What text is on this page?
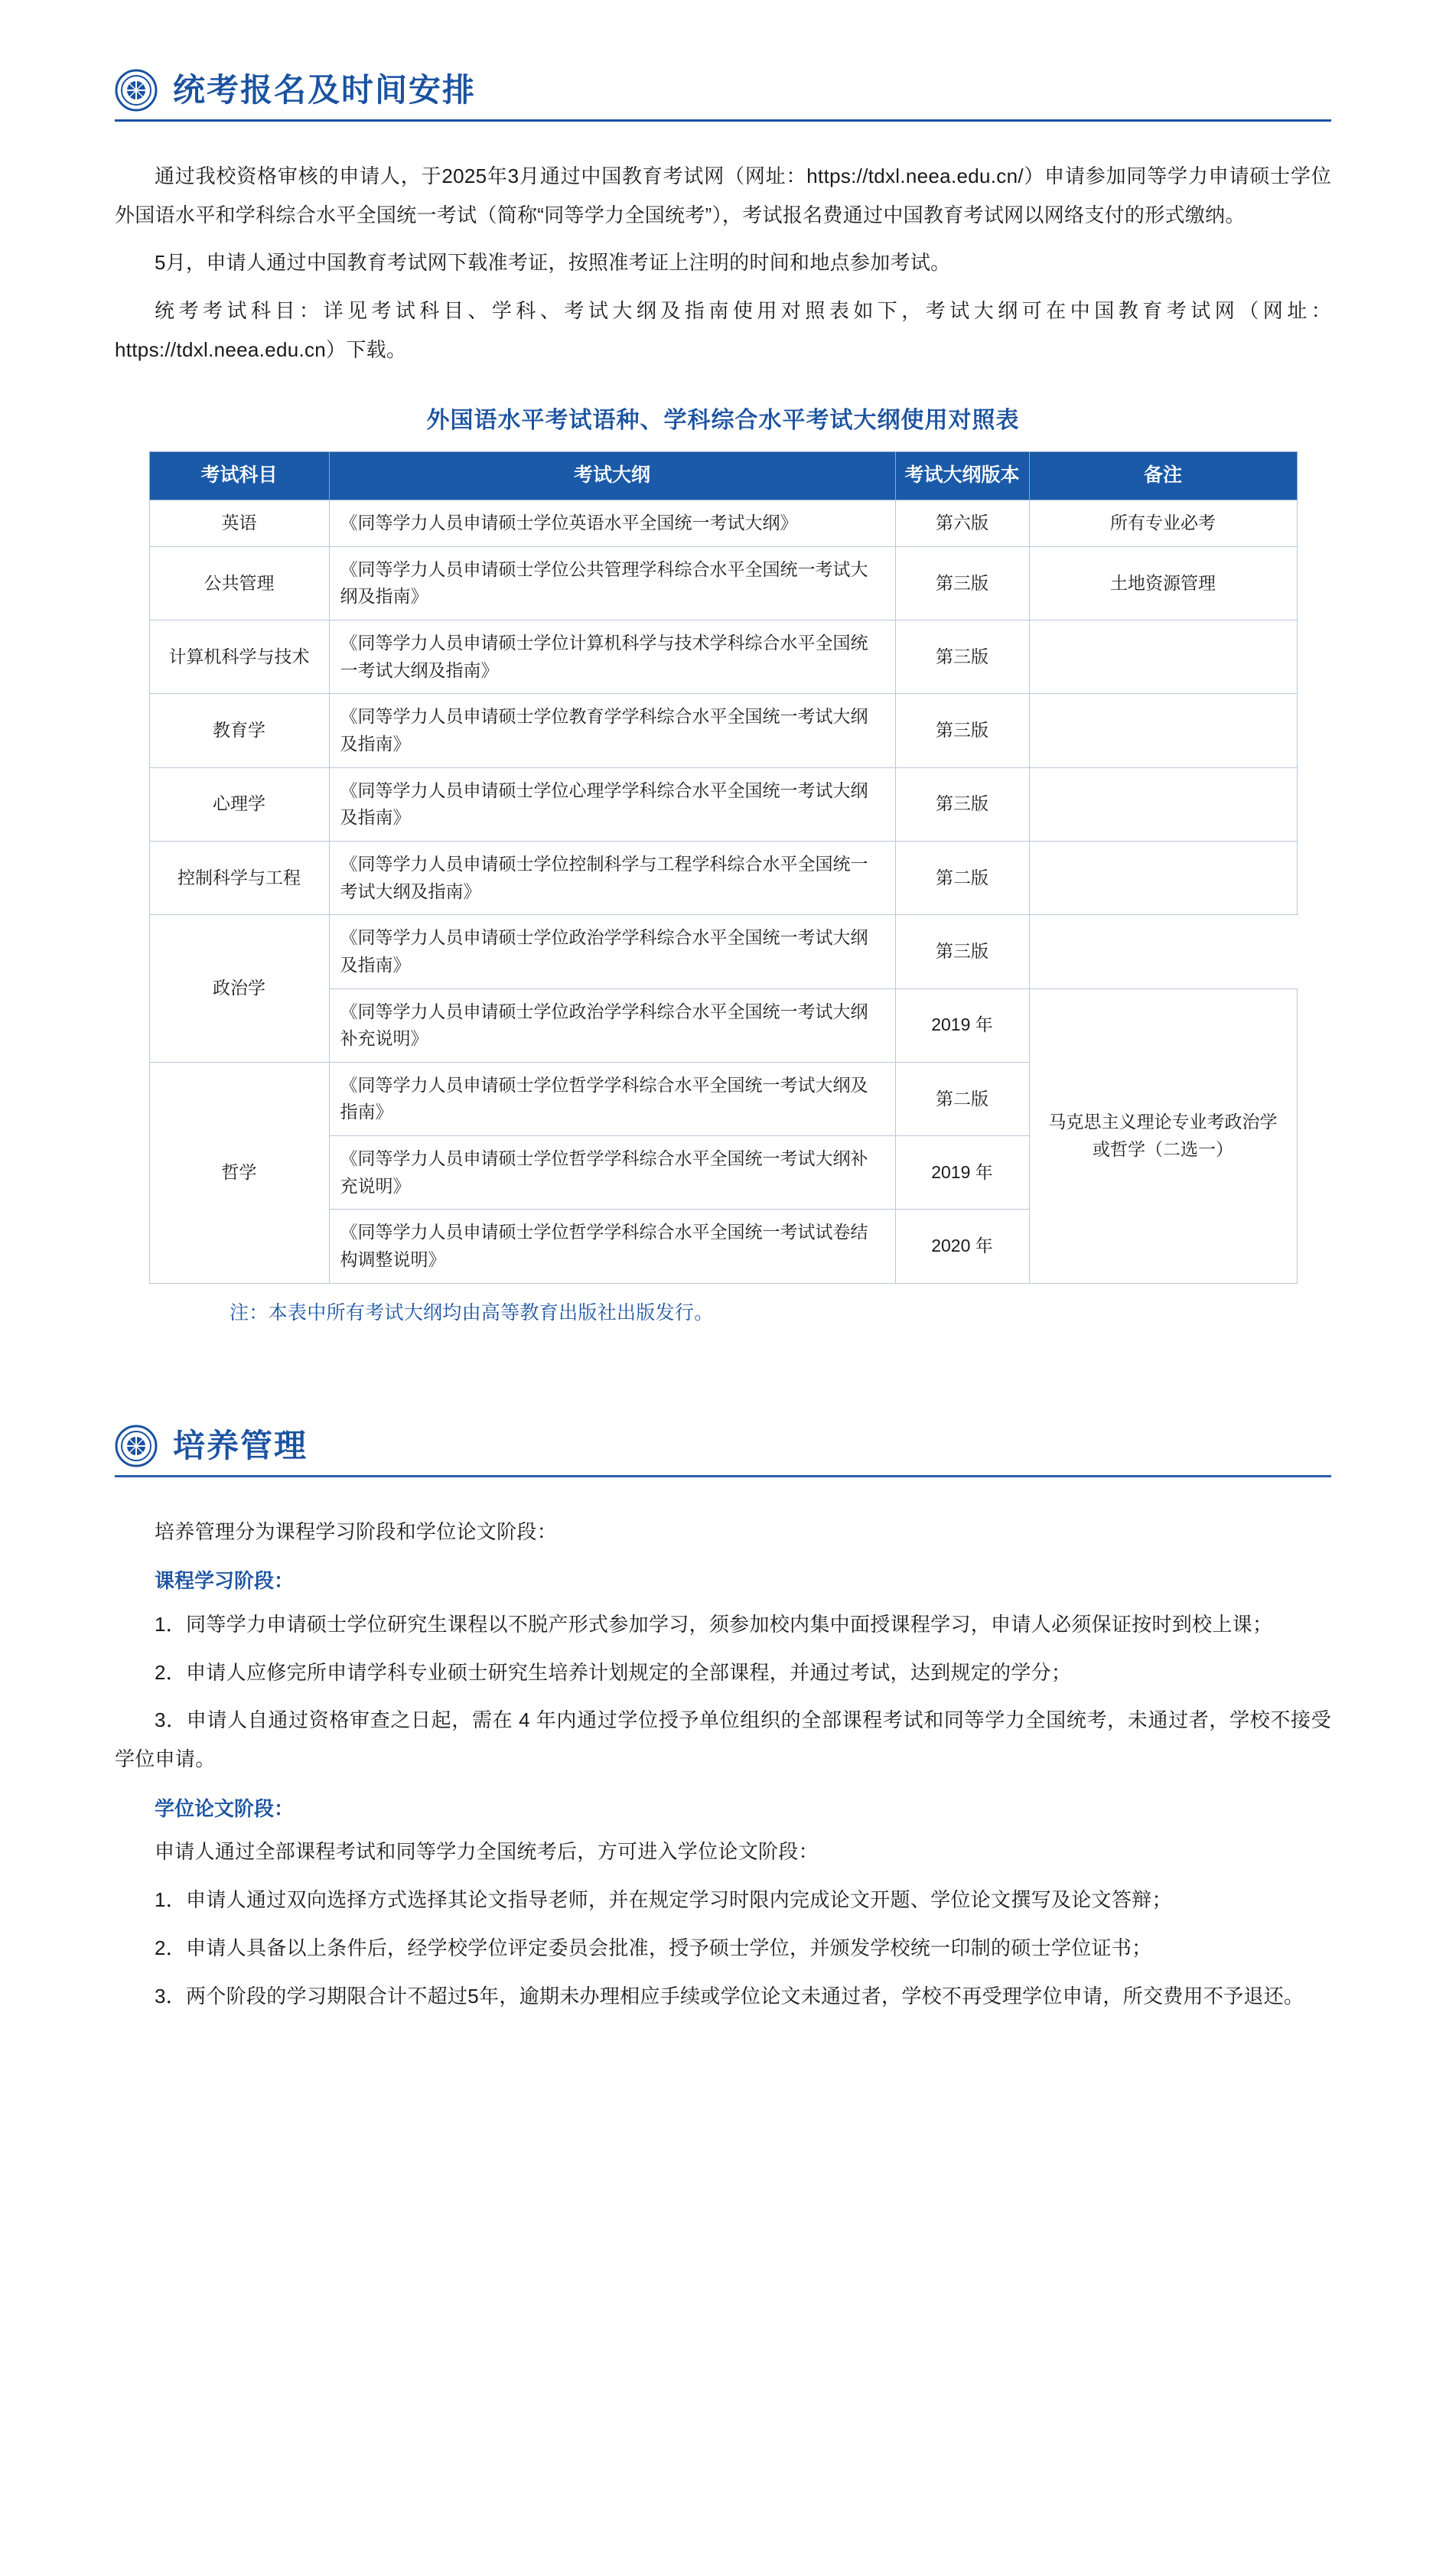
统考报名及时间安排

通过我校资格审核的申请人，于2025年3月通过中国教育考试网（网址：https://tdxl.neea.edu.cn/）申请参加同等学力申请硕士学位外国语水平和学科综合水平全国统一考试（简称“同等学力全国统考”），考试报名费通过中国教育考试网以网络支付的形式缴纳。

5月，申请人通过中国教育考试网下载准考证，按照准考证上注明的时间和地点参加考试。

统考考试科目：详见考试科目、学科、考试大纲及指南使用对照表如下，考试大纲可在中国教育考试网（网址：https://tdxl.neea.edu.cn）下载。

外国语水平考试语种、学科综合水平考试大纲使用对照表
考试科目	考试大纲	考试大纲版本	备注
英语	《同等学力人员申请硕士学位英语水平全国统一考试大纲》	第六版	所有专业必考
公共管理	《同等学力人员申请硕士学位公共管理学科综合水平全国统一考试大纲及指南》	第三版	土地资源管理
计算机科学与技术	《同等学力人员申请硕士学位计算机科学与技术学科综合水平全国统一考试大纲及指南》	第三版	
教育学	《同等学力人员申请硕士学位教育学学科综合水平全国统一考试大纲及指南》	第三版	
心理学	《同等学力人员申请硕士学位心理学学科综合水平全国统一考试大纲及指南》	第三版	
控制科学与工程	《同等学力人员申请硕士学位控制科学与工程学科综合水平全国统一考试大纲及指南》	第二版	
政治学	《同等学力人员申请硕士学位政治学学科综合水平全国统一考试大纲及指南》	第三版	
	《同等学力人员申请硕士学位政治学学科综合水平全国统一考试大纲补充说明》	2019 年	马克思主义理论专业考政治学或哲学（二选一）
哲学	《同等学力人员申请硕士学位哲学学科综合水平全国统一考试大纲及指南》	第二版	
	《同等学力人员申请硕士学位哲学学科综合水平全国统一考试大纲补充说明》	2019 年	
	《同等学力人员申请硕士学位哲学学科综合水平全国统一考试试卷结构调整说明》	2020 年	
注：本表中所有考试大纲均由高等教育出版社出版发行。
培养管理

培养管理分为课程学习阶段和学位论文阶段：

课程学习阶段：

1．同等学力申请硕士学位研究生课程以不脱产形式参加学习，须参加校内集中面授课程学习，申请人必须保证按时到校上课；

2．申请人应修完所申请学科专业硕士研究生培养计划规定的全部课程，并通过考试，达到规定的学分；

3．申请人自通过资格审查之日起，需在 4 年内通过学位授予单位组织的全部课程考试和同等学力全国统考，未通过者，学校不接受学位申请。

学位论文阶段：

申请人通过全部课程考试和同等学力全国统考后，方可进入学位论文阶段：

1．申请人通过双向选择方式选择其论文指导老师，并在规定学习时限内完成论文开题、学位论文撰写及论文答辩；

2．申请人具备以上条件后，经学校学位评定委员会批准，授予硕士学位，并颁发学校统一印制的硕士学位证书；

3．两个阶段的学习期限合计不超过5年，逾期未办理相应手续或学位论文未通过者，学校不再受理学位申请，所交费用不予退还。
